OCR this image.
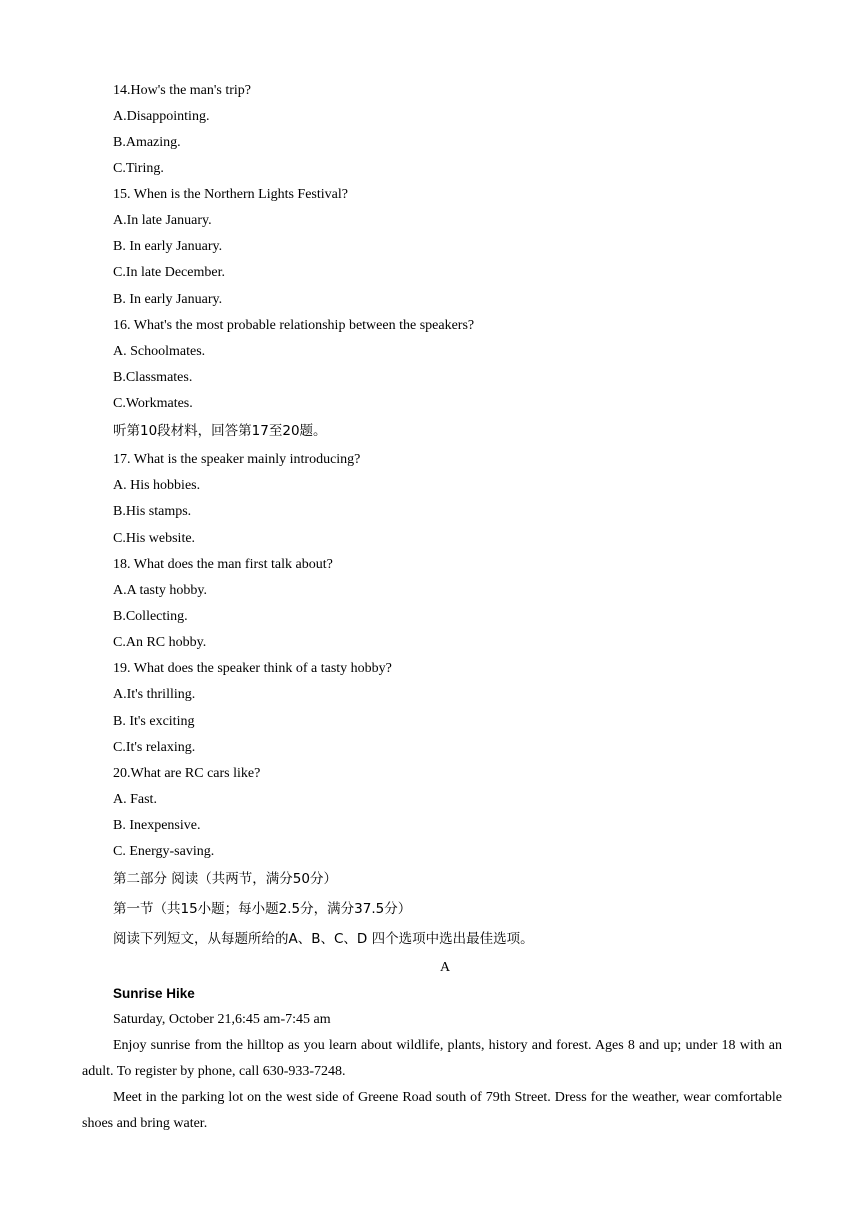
14.How's the man's trip?
A.Disappointing.
B.Amazing.
C.Tiring.
15. When is the Northern Lights Festival?
A.In late January.
B. In early January.
C.In late December.
B. In early January.
16. What's the most probable relationship between the speakers?
A. Schoolmates.
B.Classmates.
C.Workmates.
听第10段材料，回答第17至20题。
17. What is the speaker mainly introducing?
A. His hobbies.
B.His stamps.
C.His website.
18. What does the man first talk about?
A.A tasty hobby.
B.Collecting.
C.An RC hobby.
19. What does the speaker think of a tasty hobby?
A.It's thrilling.
B. It's exciting
C.It's relaxing.
20.What are RC cars like?
A. Fast.
B. Inexpensive.
C. Energy-saving.
第二部分 阅读（共两节，满分50分）
第一节（共15小题；每小题2.5分，满分37.5分）
阅读下列短文，从每题所给的A、B、C、D 四个选项中选出最佳选项。
A
Sunrise Hike
Saturday, October 21,6:45 am-7:45 am
Enjoy sunrise from the hilltop as you learn about wildlife, plants, history and forest. Ages 8 and up; under 18 with an adult. To register by phone, call 630-933-7248.
Meet in the parking lot on the west side of Greene Road south of 79th Street. Dress for the weather, wear comfortable shoes and bring water.
